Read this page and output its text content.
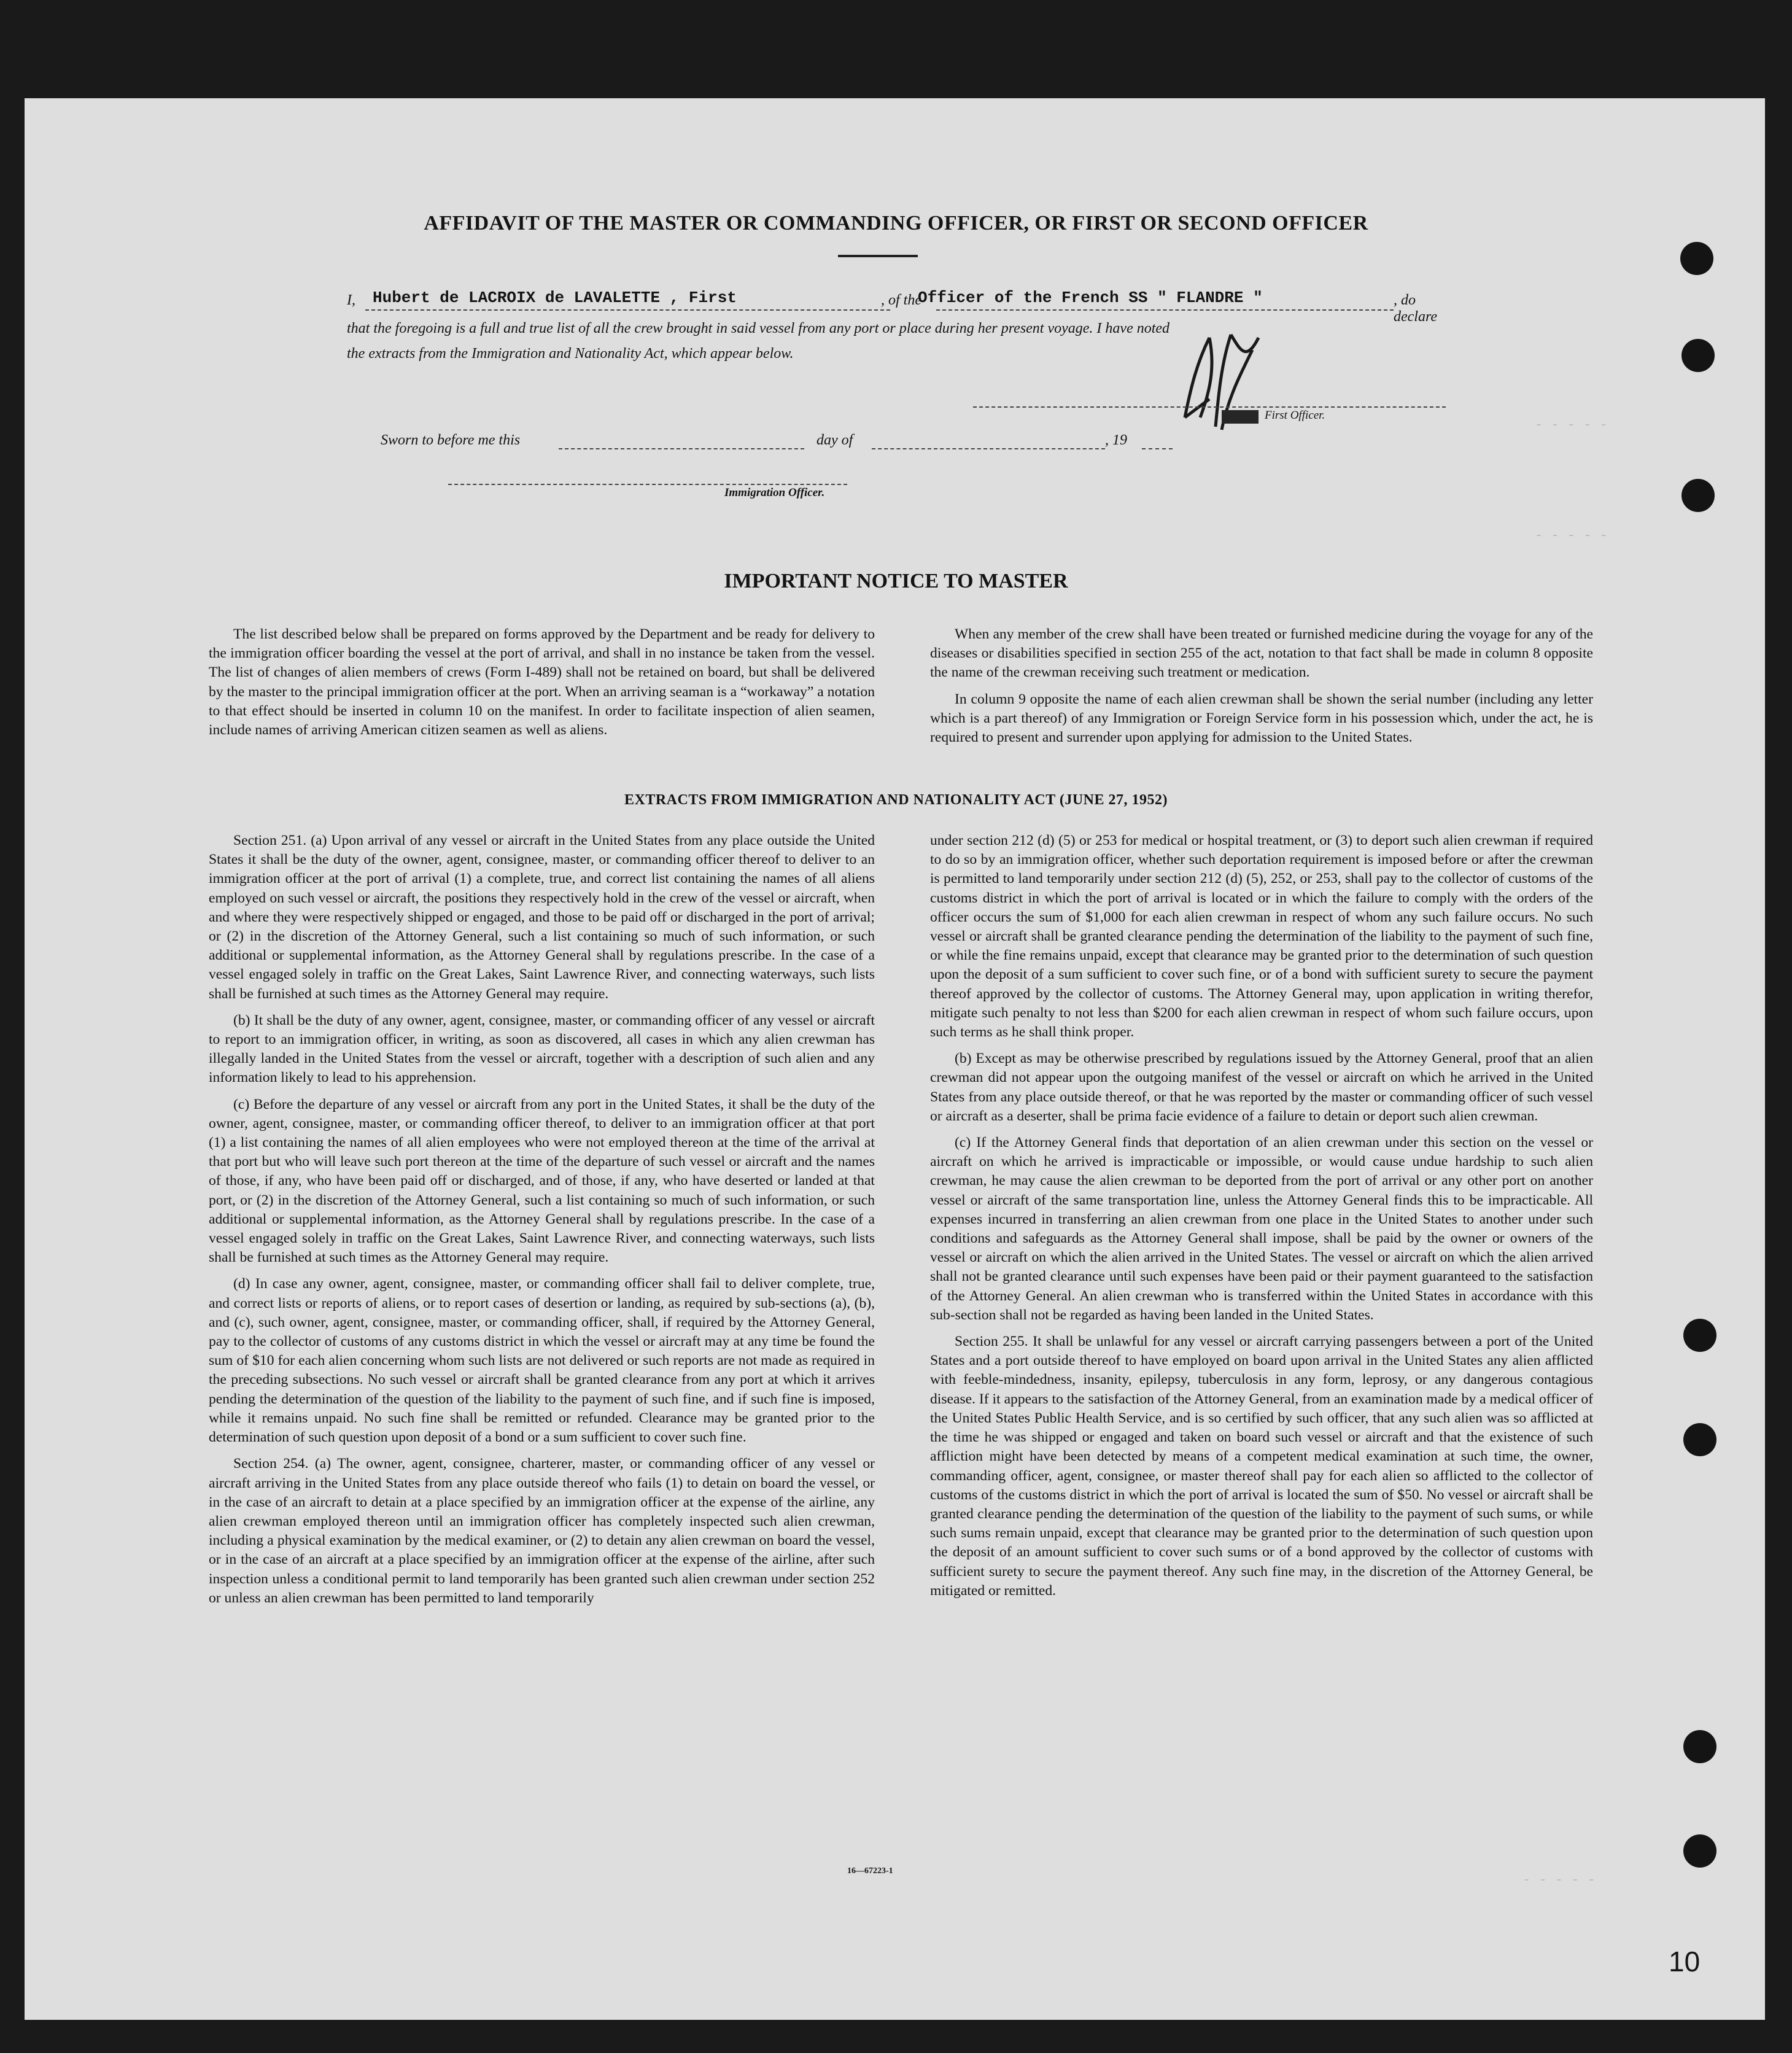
- - - - -
- - - - -
- - - - -
AFFIDAVIT OF THE MASTER OR COMMANDING OFFICER, OR FIRST OR SECOND OFFICER
I, Hubert de LACROIX de LAVALETTE , First	, of the
Officer of the French SS " FLANDRE "	, do declare
that the foregoing is a full and true list of all the crew brought in said vessel from any port or place during her present voyage. I have noted
the extracts from the Immigration and Nationality Act, which appear below.
First Officer.
Sworn to before me this	day of	, 19
Immigration Officer.
IMPORTANT NOTICE TO MASTER

The list described below shall be prepared on forms approved by the Department and be ready for delivery to the immigration officer boarding the vessel at the port of arrival, and shall in no instance be taken from the vessel. The list of changes of alien members of crews (Form I-489) shall not be retained on board, but shall be delivered by the master to the principal immigration officer at the port. When an arriving seaman is a “workaway” a notation to that effect should be inserted in column 10 on the manifest. In order to facilitate inspection of alien seamen, include names of arriving American citizen seamen as well as aliens.

When any member of the crew shall have been treated or furnished medicine during the voyage for any of the diseases or disabilities specified in section 255 of the act, notation to that fact shall be made in column 8 opposite the name of the crewman receiving such treatment or medication.

In column 9 opposite the name of each alien crewman shall be shown the serial number (including any letter which is a part thereof) of any Immigration or Foreign Service form in his possession which, under the act, he is required to present and surrender upon applying for admission to the United States.

EXTRACTS FROM IMMIGRATION AND NATIONALITY ACT (JUNE 27, 1952)

Section 251. (a) Upon arrival of any vessel or aircraft in the United States from any place outside the United States it shall be the duty of the owner, agent, consignee, master, or commanding officer thereof to deliver to an immigration officer at the port of arrival (1) a complete, true, and correct list containing the names of all aliens employed on such vessel or aircraft, the positions they respectively hold in the crew of the vessel or aircraft, when and where they were respectively shipped or engaged, and those to be paid off or discharged in the port of arrival; or (2) in the discretion of the Attorney General, such a list containing so much of such information, or such additional or supplemental information, as the Attorney General shall by regulations prescribe. In the case of a vessel engaged solely in traffic on the Great Lakes, Saint Lawrence River, and connecting waterways, such lists shall be furnished at such times as the Attorney General may require.

(b) It shall be the duty of any owner, agent, consignee, master, or commanding officer of any vessel or aircraft to report to an immigration officer, in writing, as soon as discovered, all cases in which any alien crewman has illegally landed in the United States from the vessel or aircraft, together with a description of such alien and any information likely to lead to his apprehension.

(c) Before the departure of any vessel or aircraft from any port in the United States, it shall be the duty of the owner, agent, consignee, master, or commanding officer thereof, to deliver to an immigration officer at that port (1) a list containing the names of all alien employees who were not employed thereon at the time of the arrival at that port but who will leave such port thereon at the time of the departure of such vessel or aircraft and the names of those, if any, who have been paid off or discharged, and of those, if any, who have deserted or landed at that port, or (2) in the discretion of the Attorney General, such a list containing so much of such information, or such additional or supplemental information, as the Attorney General shall by regulations prescribe. In the case of a vessel engaged solely in traffic on the Great Lakes, Saint Lawrence River, and connecting waterways, such lists shall be furnished at such times as the Attorney General may require.

(d) In case any owner, agent, consignee, master, or commanding officer shall fail to deliver complete, true, and correct lists or reports of aliens, or to report cases of desertion or landing, as required by sub-sections (a), (b), and (c), such owner, agent, consignee, master, or commanding officer, shall, if required by the Attorney General, pay to the collector of customs of any customs district in which the vessel or aircraft may at any time be found the sum of $10 for each alien concerning whom such lists are not delivered or such reports are not made as required in the preceding subsections. No such vessel or aircraft shall be granted clearance from any port at which it arrives pending the determination of the question of the liability to the payment of such fine, and if such fine is imposed, while it remains unpaid. No such fine shall be remitted or refunded. Clearance may be granted prior to the determination of such question upon deposit of a bond or a sum sufficient to cover such fine.

Section 254. (a) The owner, agent, consignee, charterer, master, or commanding officer of any vessel or aircraft arriving in the United States from any place outside thereof who fails (1) to detain on board the vessel, or in the case of an aircraft to detain at a place specified by an immigration officer at the expense of the airline, any alien crewman employed thereon until an immigration officer has completely inspected such alien crewman, including a physical examination by the medical examiner, or (2) to detain any alien crewman on board the vessel, or in the case of an aircraft at a place specified by an immigration officer at the expense of the airline, after such inspection unless a conditional permit to land temporarily has been granted such alien crewman under section 252 or unless an alien crewman has been permitted to land temporarily

under section 212 (d) (5) or 253 for medical or hospital treatment, or (3) to deport such alien crewman if required to do so by an immigration officer, whether such deportation requirement is imposed before or after the crewman is permitted to land temporarily under section 212 (d) (5), 252, or 253, shall pay to the collector of customs of the customs district in which the port of arrival is located or in which the failure to comply with the orders of the officer occurs the sum of $1,000 for each alien crewman in respect of whom any such failure occurs. No such vessel or aircraft shall be granted clearance pending the determination of the liability to the payment of such fine, or while the fine remains unpaid, except that clearance may be granted prior to the determination of such question upon the deposit of a sum sufficient to cover such fine, or of a bond with sufficient surety to secure the payment thereof approved by the collector of customs. The Attorney General may, upon application in writing therefor, mitigate such penalty to not less than $200 for each alien crewman in respect of whom such failure occurs, upon such terms as he shall think proper.

(b) Except as may be otherwise prescribed by regulations issued by the Attorney General, proof that an alien crewman did not appear upon the outgoing manifest of the vessel or aircraft on which he arrived in the United States from any place outside thereof, or that he was reported by the master or commanding officer of such vessel or aircraft as a deserter, shall be prima facie evidence of a failure to detain or deport such alien crewman.

(c) If the Attorney General finds that deportation of an alien crewman under this section on the vessel or aircraft on which he arrived is impracticable or impossible, or would cause undue hardship to such alien crewman, he may cause the alien crewman to be deported from the port of arrival or any other port on another vessel or aircraft of the same transportation line, unless the Attorney General finds this to be impracticable. All expenses incurred in transferring an alien crewman from one place in the United States to another under such conditions and safeguards as the Attorney General shall impose, shall be paid by the owner or owners of the vessel or aircraft on which the alien arrived in the United States. The vessel or aircraft on which the alien arrived shall not be granted clearance until such expenses have been paid or their payment guaranteed to the satisfaction of the Attorney General. An alien crewman who is transferred within the United States in accordance with this sub-section shall not be regarded as having been landed in the United States.

Section 255. It shall be unlawful for any vessel or aircraft carrying passengers between a port of the United States and a port outside thereof to have employed on board upon arrival in the United States any alien afflicted with feeble-mindedness, insanity, epilepsy, tuberculosis in any form, leprosy, or any dangerous contagious disease. If it appears to the satisfaction of the Attorney General, from an examination made by a medical officer of the United States Public Health Service, and is so certified by such officer, that any such alien was so afflicted at the time he was shipped or engaged and taken on board such vessel or aircraft and that the existence of such affliction might have been detected by means of a competent medical examination at such time, the owner, commanding officer, agent, consignee, or master thereof shall pay for each alien so afflicted to the collector of customs of the customs district in which the port of arrival is located the sum of $50. No vessel or aircraft shall be granted clearance pending the determination of the question of the liability to the payment of such sums, or while such sums remain unpaid, except that clearance may be granted prior to the determination of such question upon the deposit of an amount sufficient to cover such sums or of a bond approved by the collector of customs with sufficient surety to secure the payment thereof. Any such fine may, in the discretion of the Attorney General, be mitigated or remitted.

16—67223-1
10
